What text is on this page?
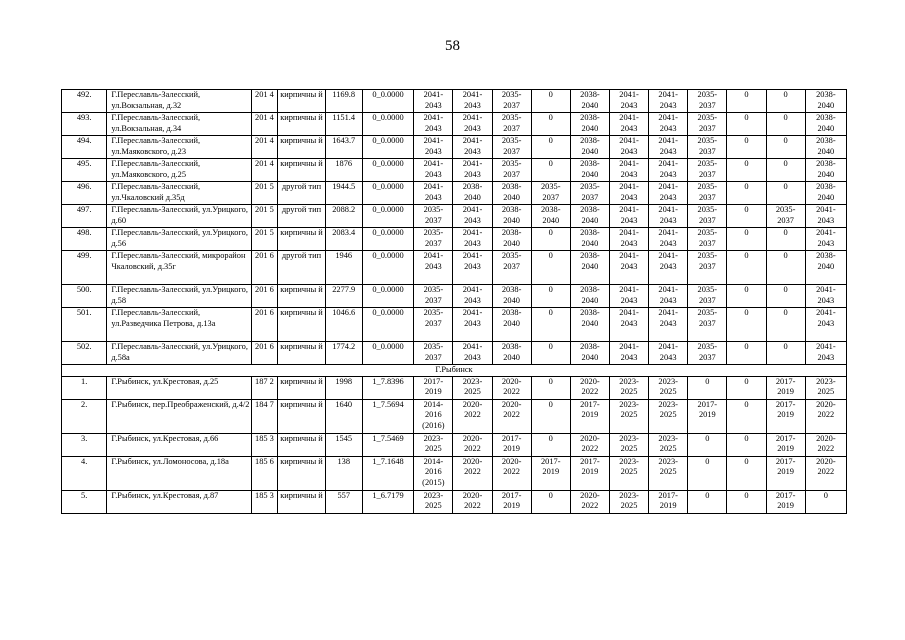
58
492.	Г.Переславль-Залесский, ул.Вокзальная, д.32	201 4	кирпичны й	1169.8	0_0.0000	2041- 2043	2041- 2043	2035- 2037	0	2038- 2040	2041- 2043	2041- 2043	2035- 2037	0	0	2038- 2040
493.	Г.Переславль-Залесский, ул.Вокзальная, д.34	201 4	кирпичны й	1151.4	0_0.0000	2041- 2043	2041- 2043	2035- 2037	0	2038- 2040	2041- 2043	2041- 2043	2035- 2037	0	0	2038- 2040
494.	Г.Переславль-Залесский, ул.Маяковского, д.23	201 4	кирпичны й	1643.7	0_0.0000	2041- 2043	2041- 2043	2035- 2037	0	2038- 2040	2041- 2043	2041- 2043	2035- 2037	0	0	2038- 2040
495.	Г.Переславль-Залесский, ул.Маяковского, д.25	201 4	кирпичны й	1876	0_0.0000	2041- 2043	2041- 2043	2035- 2037	0	2038- 2040	2041- 2043	2041- 2043	2035- 2037	0	0	2038- 2040
496.	Г.Переславль-Залесский, ул.Чкаловский д.35д	201 5	другой тип	1944.5	0_0.0000	2041- 2043	2038- 2040	2038- 2040	2035- 2037	2035- 2037	2041- 2043	2041- 2043	2035- 2037	0	0	2038- 2040
497.	Г.Переславль-Залесский, ул.Урицкого, д.60	201 5	другой тип	2088.2	0_0.0000	2035- 2037	2041- 2043	2038- 2040	2038- 2040	2038- 2040	2041- 2043	2041- 2043	2035- 2037	0	2035- 2037	2041- 2043
498.	Г.Переславль-Залесский, ул.Урицкого, д.56	201 5	кирпичны й	2083.4	0_0.0000	2035- 2037	2041- 2043	2038- 2040	0	2038- 2040	2041- 2043	2041- 2043	2035- 2037	0	0	2041- 2043
499.	Г.Переславль-Залесский, микрорайон Чкаловский, д.35г	201 6	другой тип	1946	0_0.0000	2041- 2043	2041- 2043	2035- 2037	0	2038- 2040	2041- 2043	2041- 2043	2035- 2037	0	0	2038- 2040
500.	Г.Переславль-Залесский, ул.Урицкого, д.58	201 6	кирпичны й	2277.9	0_0.0000	2035- 2037	2041- 2043	2038- 2040	0	2038- 2040	2041- 2043	2041- 2043	2035- 2037	0	0	2041- 2043
501.	Г.Переславль-Залесский, ул.Разведчика Петрова, д.13а	201 6	кирпичны й	1046.6	0_0.0000	2035- 2037	2041- 2043	2038- 2040	0	2038- 2040	2041- 2043	2041- 2043	2035- 2037	0	0	2041- 2043
502.	Г.Переславль-Залесский, ул.Урицкого, д.58а	201 6	кирпичны й	1774.2	0_0.0000	2035- 2037	2041- 2043	2038- 2040	0	2038- 2040	2041- 2043	2041- 2043	2035- 2037	0	0	2041- 2043
Г.Рыбинск																
1.	Г.Рыбинск, ул.Крестовая, д.25	187 2	кирпичны й	1998	1_7.8396	2017- 2019	2023- 2025	2020- 2022	0	2020- 2022	2023- 2025	2023- 2025	0	0	2017- 2019	2023- 2025
2.	Г.Рыбинск, пер.Преображенский, д.4/2	184 7	кирпичны й	1640	1_7.5694	2014- 2016 (2016)	2020- 2022	2020- 2022	0	2017- 2019	2023- 2025	2023- 2025	2017- 2019	0	2017- 2019	2020- 2022
3.	Г.Рыбинск, ул.Крестовая, д.66	185 3	кирпичны й	1545	1_7.5469	2023- 2025	2020- 2022	2017- 2019	0	2020- 2022	2023- 2025	2023- 2025	0	0	2017- 2019	2020- 2022
4.	Г.Рыбинск, ул.Ломоносова, д.18а	185 6	кирпичны й	138	1_7.1648	2014- 2016 (2015)	2020- 2022	2020- 2022	2017- 2019	2017- 2019	2023- 2025	2023- 2025	0	0	2017- 2019	2020- 2022
5.	Г.Рыбинск, ул.Крестовая, д.87	185 3	кирпичны й	557	1_6.7179	2023- 2025	2020- 2022	2017- 2019	0	2020- 2022	2023- 2025	2017- 2019	0	0	2017- 2019	0
